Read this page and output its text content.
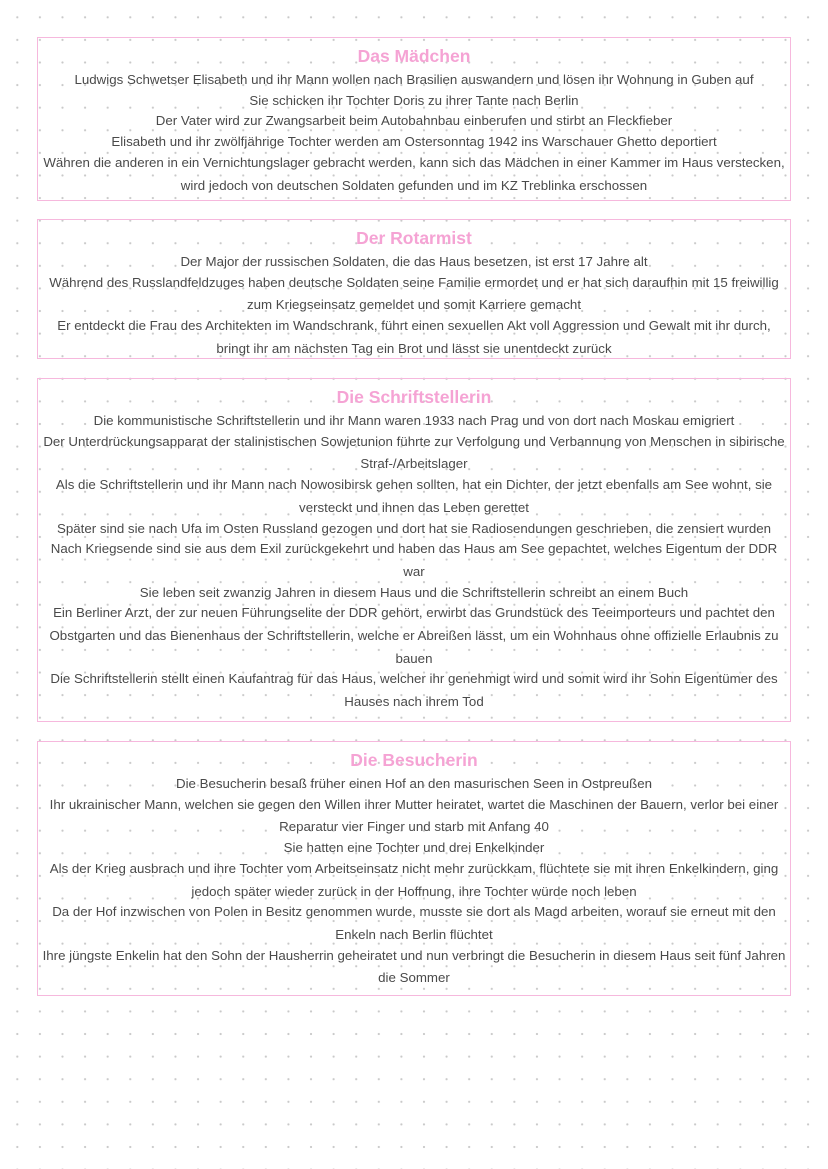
Das Mädchen

Ludwigs Schwetser Elisabeth und ihr Mann wollen nach Brasilien auswandern und lösen ihr Wohnung in Guben auf

Sie schicken ihr Tochter Doris zu ihrer Tante nach Berlin

Der Vater wird zur Zwangsarbeit beim Autobahnbau einberufen und stirbt an Fleckfieber

Elisabeth und ihr zwölfjährige Tochter werden am Ostersonntag 1942 ins Warschauer Ghetto deportiert

Währen die anderen in ein Vernichtungslager gebracht werden, kann sich das Mädchen in einer Kammer im Haus verstecken, wird jedoch von deutschen Soldaten gefunden und im KZ Treblinka erschossen

Der Rotarmist

Der Major der russischen Soldaten, die das Haus besetzen, ist erst 17 Jahre alt

Während des Russlandfeldzuges haben deutsche Soldaten seine Familie ermordet und er hat sich daraufhin mit 15 freiwillig zum Kriegseinsatz gemeldet und somit Karriere gemacht

Er entdeckt die Frau des Architekten im Wandschrank, führt einen sexuellen Akt voll Aggression und Gewalt mit ihr durch, bringt ihr am nächsten Tag ein Brot und lässt sie unentdeckt zurück

Die Schriftstellerin

Die kommunistische Schriftstellerin und ihr Mann waren 1933 nach Prag und von dort nach Moskau emigriert

Der Unterdrückungsapparat der stalinistischen Sowjetunion führte zur Verfolgung und Verbannung von Menschen in sibirische Straf-/Arbeitslager

Als die Schriftstellerin und ihr Mann nach Nowosibirsk gehen sollten, hat ein Dichter, der jetzt ebenfalls am See wohnt, sie versteckt und ihnen das Leben gerettet

Später sind sie nach Ufa im Osten Russland gezogen und dort hat sie Radiosendungen geschrieben, die zensiert wurden

Nach Kriegsende sind sie aus dem Exil zurückgekehrt und haben das Haus am See gepachtet, welches Eigentum der DDR war

Sie leben seit zwanzig Jahren in diesem Haus und die Schriftstellerin schreibt an einem Buch

Ein Berliner Arzt, der zur neuen Führungselite der DDR gehört, erwirbt das Grundstück des Teeimporteurs und pachtet den Obstgarten und das Bienenhaus der Schriftstellerin, welche er Abreißen lässt, um ein Wohnhaus ohne offizielle Erlaubnis zu bauen

Die Schriftstellerin stellt einen Kaufantrag für das Haus, welcher ihr genehmigt wird und somit wird ihr Sohn Eigentümer des Hauses nach ihrem Tod

Die Besucherin

Die Besucherin besaß früher einen Hof an den masurischen Seen in Ostpreußen

Ihr ukrainischer Mann, welchen sie gegen den Willen ihrer Mutter heiratet, wartet die Maschinen der Bauern, verlor bei einer Reparatur vier Finger und starb mit Anfang 40

Sie hatten eine Tochter und drei Enkelkinder

Als der Krieg ausbrach und ihre Tochter vom Arbeitseinsatz nicht mehr zurückkam, flüchtete sie mit ihren Enkelkindern, ging jedoch später wieder zurück in der Hoffnung, ihre Tochter würde noch leben

Da der Hof inzwischen von Polen in Besitz genommen wurde, musste sie dort als Magd arbeiten, worauf sie erneut mit den Enkeln nach Berlin flüchtet

Ihre jüngste Enkelin hat den Sohn der Hausherrin geheiratet und nun verbringt die Besucherin in diesem Haus seit fünf Jahren die Sommer
